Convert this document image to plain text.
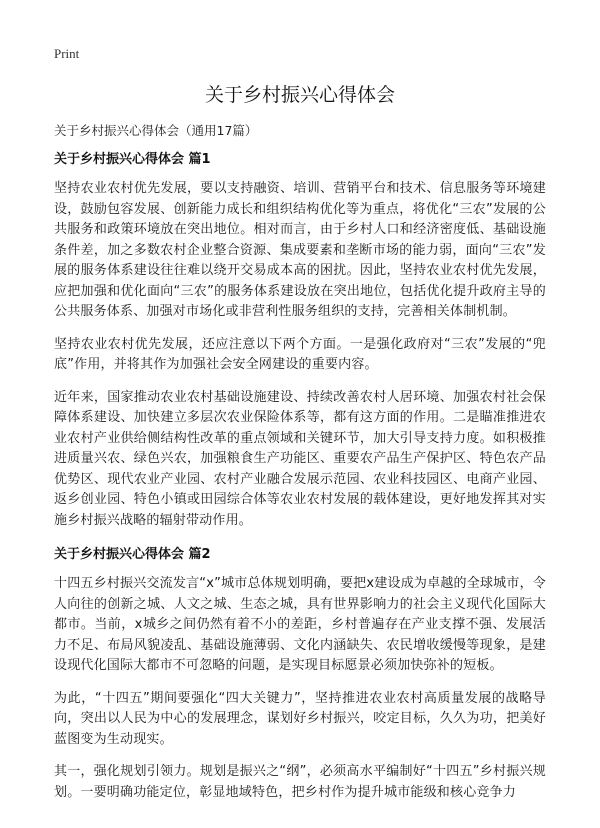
Print
关于乡村振兴心得体会
关于乡村振兴心得体会（通用17篇）
关于乡村振兴心得体会 篇1

坚持农业农村优先发展，要以支持融资、培训、营销平台和技术、信息服务等环境建设，鼓励包容发展、创新能力成长和组织结构优化等为重点，将优化“三农”发展的公共服务和政策环境放在突出地位。相对而言，由于乡村人口和经济密度低、基础设施条件差，加之多数农村企业整合资源、集成要素和垄断市场的能力弱，面向“三农”发展的服务体系建设往往难以绕开交易成本高的困扰。因此，坚持农业农村优先发展，应把加强和优化面向“三农”的服务体系建设放在突出地位，包括优化提升政府主导的公共服务体系、加强对市场化或非营利性服务组织的支持，完善相关体制机制。

坚持农业农村优先发展，还应注意以下两个方面。一是强化政府对“三农”发展的“兜底”作用，并将其作为加强社会安全网建设的重要内容。

近年来，国家推动农业农村基础设施建设、持续改善农村人居环境、加强农村社会保障体系建设、加快建立多层次农业保险体系等，都有这方面的作用。二是瞄准推进农业农村产业供给侧结构性改革的重点领域和关键环节，加大引导支持力度。如积极推进质量兴农、绿色兴农，加强粮食生产功能区、重要农产品生产保护区、特色农产品优势区、现代农业产业园、农村产业融合发展示范园、农业科技园区、电商产业园、返乡创业园、特色小镇或田园综合体等农业农村发展的载体建设，更好地发挥其对实施乡村振兴战略的辐射带动作用。

关于乡村振兴心得体会 篇2

十四五乡村振兴交流发言“x”城市总体规划明确，要把x建设成为卓越的全球城市，令人向往的创新之城、人文之城、生态之城，具有世界影响力的社会主义现代化国际大都市。当前，x城乡之间仍然有着不小的差距，乡村普遍存在产业支撑不强、发展活力不足、布局风貌凌乱、基础设施薄弱、文化内涵缺失、农民增收缓慢等现象，是建设现代化国际大都市不可忽略的问题，是实现目标愿景必须加快弥补的短板。

为此，“十四五”期间要强化“四大关键力”，坚持推进农业农村高质量发展的战略导向，突出以人民为中心的发展理念，谋划好乡村振兴，咬定目标，久久为功，把美好蓝图变为生动现实。

其一，强化规划引领力。规划是振兴之“纲”，必须高水平编制好“十四五”乡村振兴规划。一要明确功能定位，彰显地域特色，把乡村作为提升城市能级和核心竞争力
